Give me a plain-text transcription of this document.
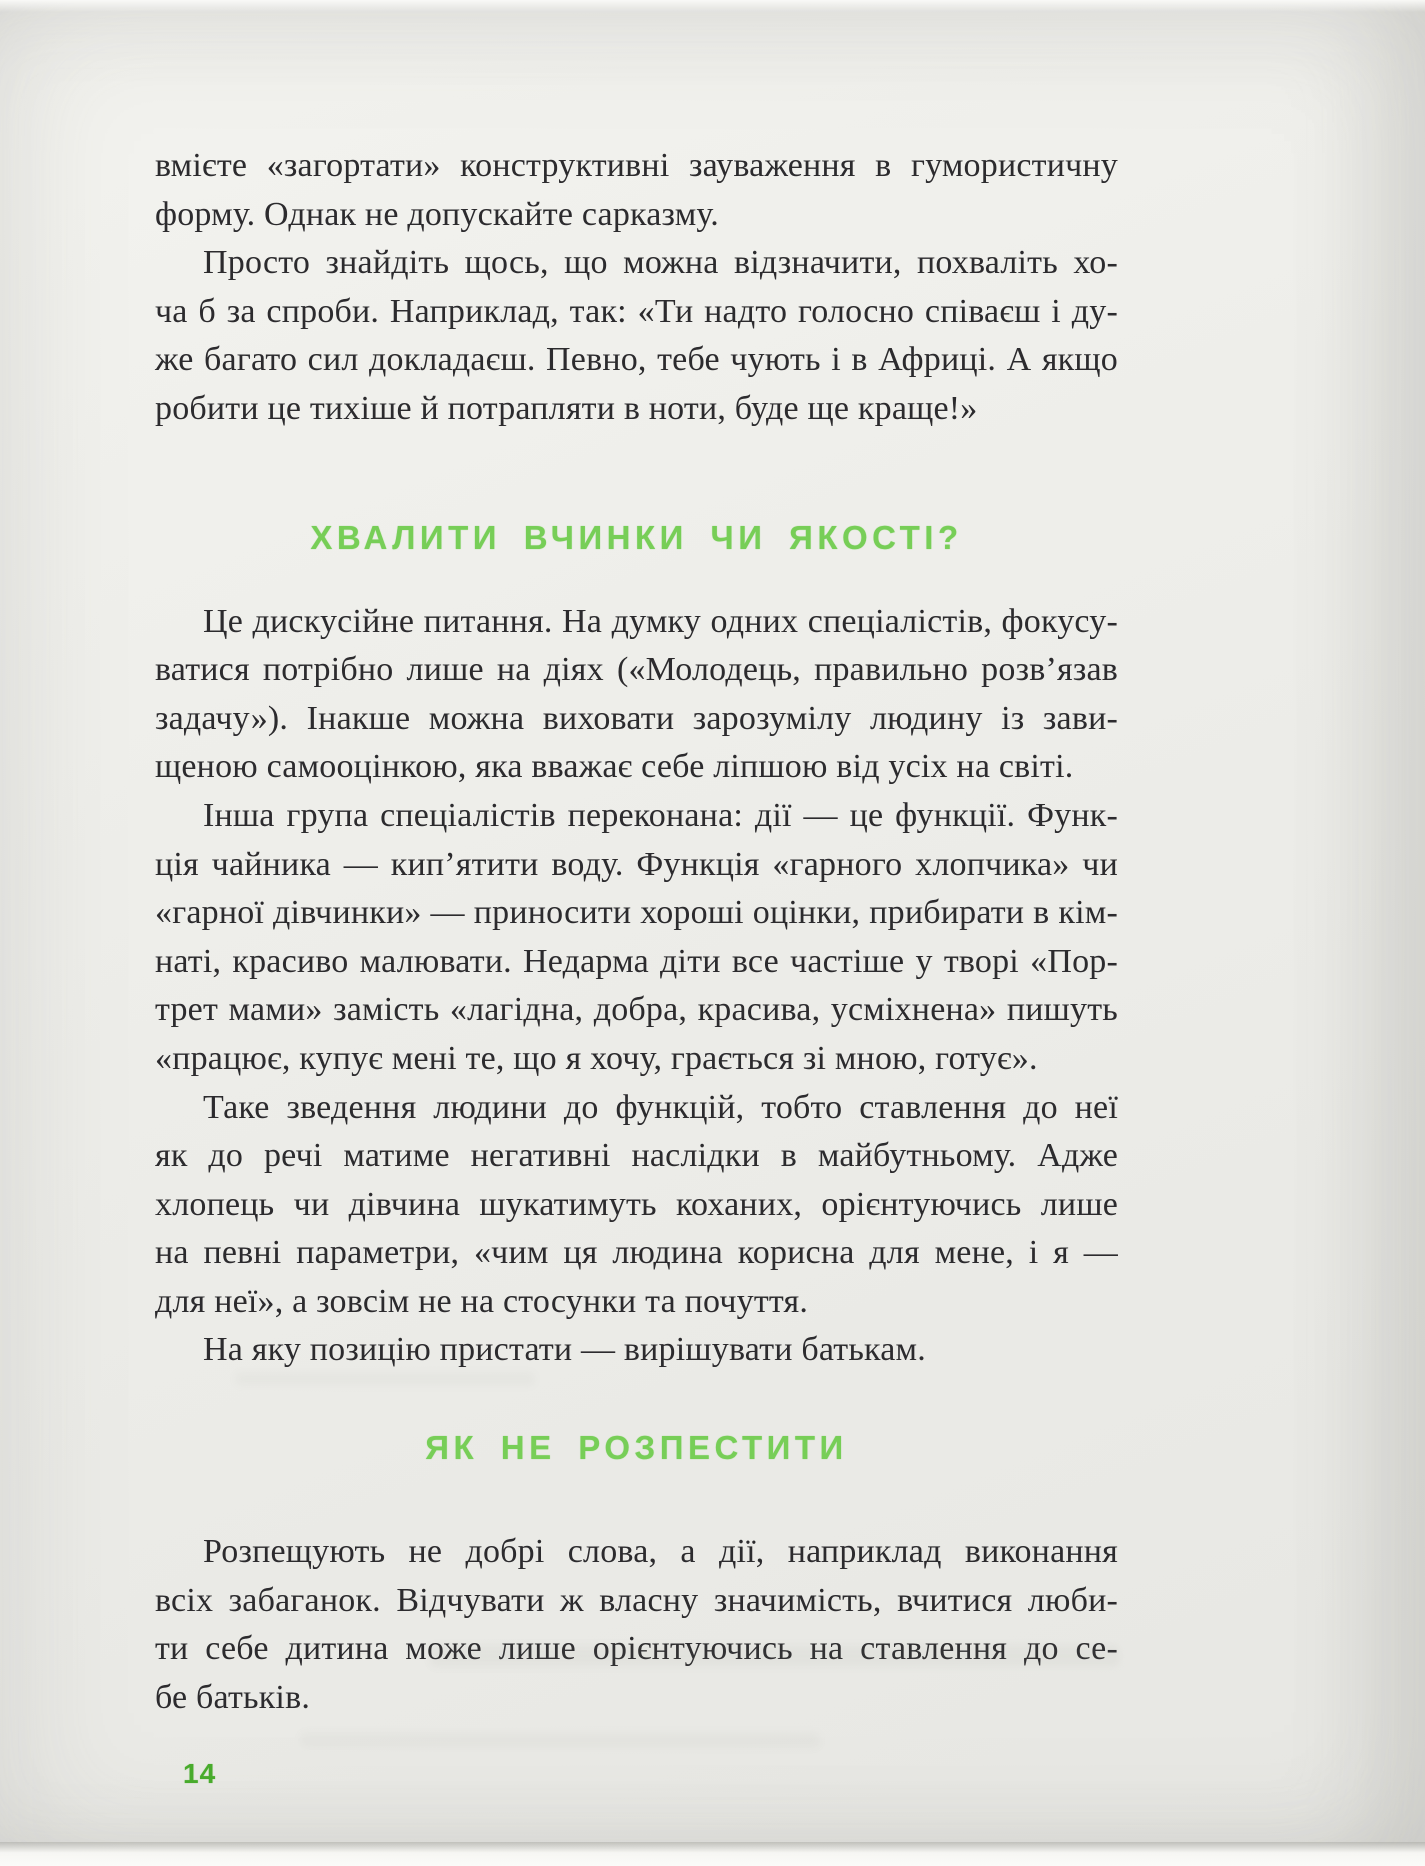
вмієте «загортати» конструктивні зауваження в гумористичну
форму. Однак не допускайте сарказму.
Просто знайдіть щось, що можна відзначити, похваліть хо-
ча б за спроби. Наприклад, так: «Ти надто голосно співаєш і ду-
же багато сил докладаєш. Певно, тебе чують і в Африці. А якщо
робити це тихіше й потрапляти в ноти, буде ще краще!»
ХВАЛИТИ ВЧИНКИ ЧИ ЯКОСТІ?
Це дискусійне питання. На думку одних спеціалістів, фокусу-
ватися потрібно лише на діях («Молодець, правильно розв’язав
задачу»). Інакше можна виховати зарозумілу людину із зави-
щеною самооцінкою, яка вважає себе ліпшою від усіх на світі.
Інша група спеціалістів переконана: дії — це функції. Функ-
ція чайника — кип’ятити воду. Функція «гарного хлопчика» чи
«гарної дівчинки» — приносити хороші оцінки, прибирати в кім-
наті, красиво малювати. Недарма діти все частіше у творі «Пор-
трет мами» замість «лагідна, добра, красива, усміхнена» пишуть
«працює, купує мені те, що я хочу, грається зі мною, готує».
Таке зведення людини до функцій, тобто ставлення до неї
як до речі матиме негативні наслідки в майбутньому. Адже
хлопець чи дівчина шукатимуть коханих, орієнтуючись лише
на певні параметри, «чим ця людина корисна для мене, і я —
для неї», а зовсім не на стосунки та почуття.
На яку позицію пристати — вирішувати батькам.
ЯК НЕ РОЗПЕСТИТИ
Розпещують не добрі слова, а дії, наприклад виконання
всіх забаганок. Відчувати ж власну значимість, вчитися люби-
ти себе дитина може лише орієнтуючись на ставлення до се-
бе батьків.
14
